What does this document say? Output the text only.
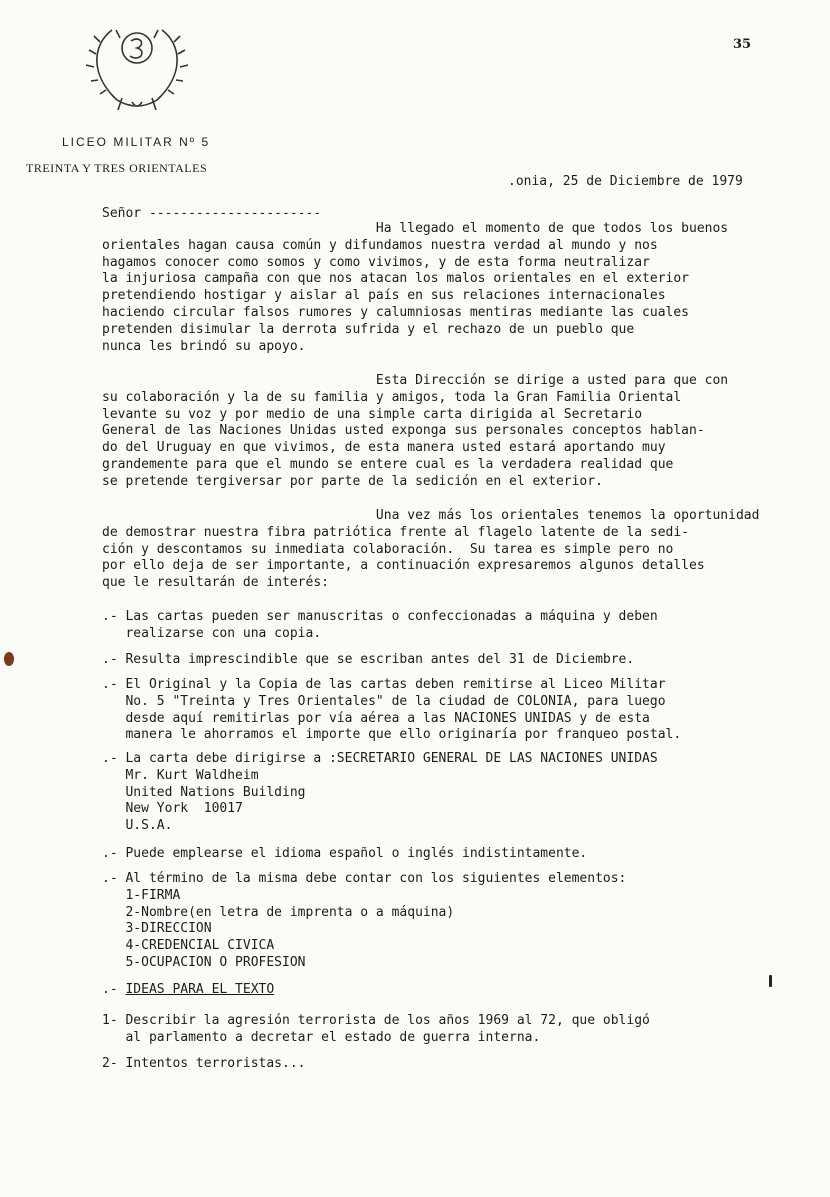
35
LICEO MILITAR Nº 5
TREINTA Y TRES ORIENTALES
.onia, 25 de Diciembre de 1979
Señor ----------------------
Ha llegado el momento de que todos los buenos
orientales hagan causa común y difundamos nuestra verdad al mundo y nos
hagamos conocer como somos y como vivimos, y de esta forma neutralizar
la injuriosa campaña con que nos atacan los malos orientales en el exterior
pretendiendo hostigar y aislar al país en sus relaciones internacionales
haciendo circular falsos rumores y calumniosas mentiras mediante las cuales
pretenden disimular la derrota sufrida y el rechazo de un pueblo que
nunca les brindó su apoyo.
Esta Dirección se dirige a usted para que con
su colaboración y la de su familia y amigos, toda la Gran Familia Oriental
levante su voz y por medio de una simple carta dirigida al Secretario
General de las Naciones Unidas usted exponga sus personales conceptos hablan-
do del Uruguay en que vivimos, de esta manera usted estará aportando muy
grandemente para que el mundo se entere cual es la verdadera realidad que
se pretende tergiversar por parte de la sedición en el exterior.
Una vez más los orientales tenemos la oportunidad
de demostrar nuestra fibra patriótica frente al flagelo latente de la sedi-
ción y descontamos su inmediata colaboración.  Su tarea es simple pero no
por ello deja de ser importante, a continuación expresaremos algunos detalles
que le resultarán de interés:
.- Las cartas pueden ser manuscritas o confeccionadas a máquina y deben
realizarse con una copia.
.- Resulta imprescindible que se escriban antes del 31 de Diciembre.
.- El Original y la Copia de las cartas deben remitirse al Liceo Militar
No. 5 "Treinta y Tres Orientales" de la ciudad de COLONIA, para luego
desde aquí remitirlas por vía aérea a las NACIONES UNIDAS y de esta
manera le ahorramos el importe que ello originaría por franqueo postal.
.- La carta debe dirigirse a :SECRETARIO GENERAL DE LAS NACIONES UNIDAS
Mr. Kurt Waldheim
United Nations Building
New York  10017
U.S.A.
.- Puede emplearse el idioma español o inglés indistintamente.
.- Al término de la misma debe contar con los siguientes elementos:
1-FIRMA
2-Nombre(en letra de imprenta o a máquina)
3-DIRECCION
4-CREDENCIAL CIVICA
5-OCUPACION O PROFESION
.- IDEAS PARA EL TEXTO
1- Describir la agresión terrorista de los años 1969 al 72, que obligó
al parlamento a decretar el estado de guerra interna.
2- Intentos terroristas...
